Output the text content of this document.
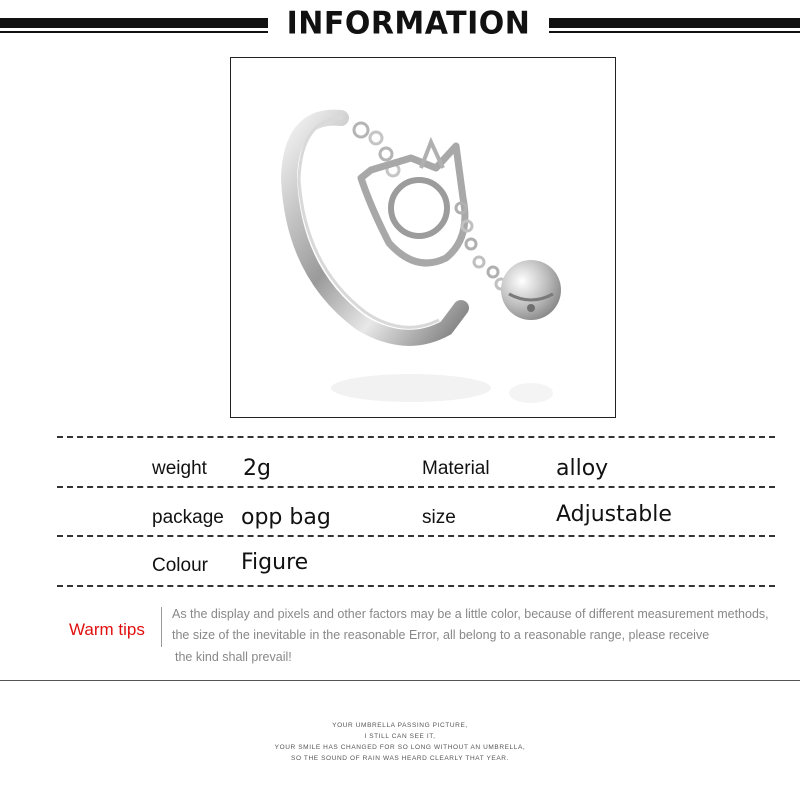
INFORMATION
weight 2g	Material	alloy
package opp bag	size	Adjustable
Colour Figure
Warm tips
As the display and pixels and other factors may be a little color, because of different measurement methods,
the size of the inevitable in the reasonable Error, all belong to a reasonable range, please receive
the kind shall prevail!
YOUR UMBRELLA PASSING PICTURE,
I STILL CAN SEE IT,
YOUR SMILE HAS CHANGED FOR SO LONG WITHOUT AN UMBRELLA,
SO THE SOUND OF RAIN WAS HEARD CLEARLY THAT YEAR.
